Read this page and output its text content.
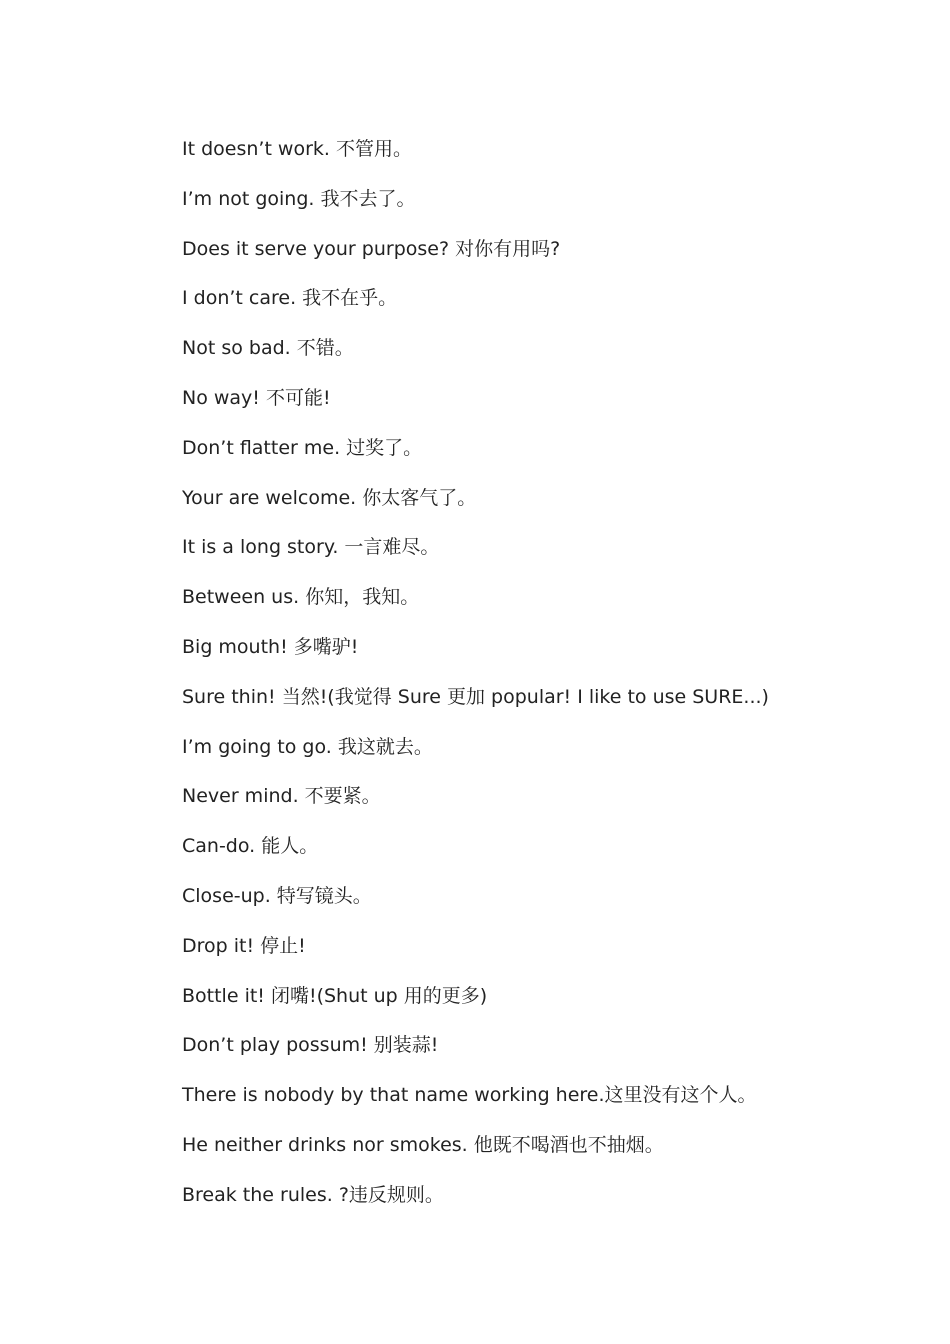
It doesn’t work. 不管用。
I’m not going. 我不去了。
Does it serve your purpose? 对你有用吗?
I don’t care. 我不在乎。
Not so bad. 不错。
No way! 不可能!
Don’t flatter me. 过奖了。
Your are welcome. 你太客气了。
It is a long story. 一言难尽。
Between us. 你知，我知。
Big mouth! 多嘴驴!
Sure thin! 当然!(我觉得 Sure 更加 popular! I like to use SURE...)
I’m going to go. 我这就去。
Never mind. 不要紧。
Can-do. 能人。
Close-up. 特写镜头。
Drop it! 停止!
Bottle it! 闭嘴!(Shut up 用的更多)
Don’t play possum! 别装蒜!
There is nobody by that name working here.这里没有这个人。
He neither drinks nor smokes. 他既不喝酒也不抽烟。
Break the rules. ?违反规则。
